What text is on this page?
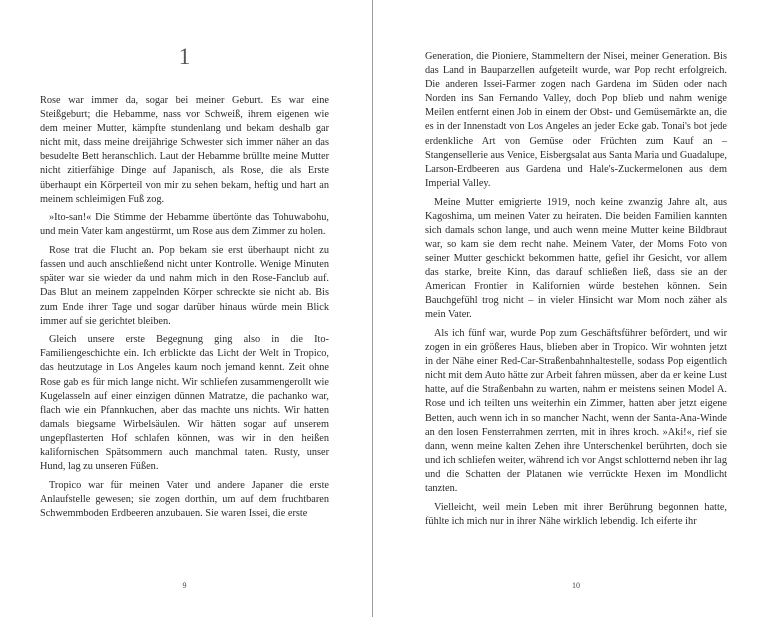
1

Rose war immer da, sogar bei meiner Geburt. Es war eine Steißgeburt; die Hebamme, nass vor Schweiß, ihrem eigenen wie dem meiner Mutter, kämpfte stundenlang und bekam deshalb gar nicht mit, dass meine dreijährige Schwester sich immer näher an das besudelte Bett heranschlich. Laut der Hebamme brüllte meine Mutter nicht zitierfähige Dinge auf Japanisch, als Rose, die als Erste überhaupt ein Körperteil von mir zu sehen bekam, heftig und hart an meinem schleimigen Fuß zog.

»Ito-san!« Die Stimme der Hebamme übertönte das Tohuwabohu, und mein Vater kam angestürmt, um Rose aus dem Zimmer zu holen.

Rose trat die Flucht an. Pop bekam sie erst überhaupt nicht zu fassen und auch anschließend nicht unter Kontrolle. Wenige Minuten später war sie wieder da und nahm mich in den Rose-Fanclub auf. Das Blut an meinem zappelnden Körper schreckte sie nicht ab. Bis zum Ende ihrer Tage und sogar darüber hinaus würde mein Blick immer auf sie gerichtet bleiben.

Gleich unsere erste Begegnung ging also in die Ito-Familiengeschichte ein. Ich erblickte das Licht der Welt in Tropico, das heutzutage in Los Angeles kaum noch jemand kennt. Zeit ohne Rose gab es für mich lange nicht. Wir schliefen zusammengerollt wie Kugelasseln auf einer einzigen dünnen Matratze, die pachanko war, flach wie ein Pfannkuchen, aber das machte uns nichts. Wir hatten damals biegsame Wirbelsäulen. Wir hätten sogar auf unserem ungepflasterten Hof schlafen können, was wir in den heißen kalifornischen Spätsommern auch manchmal taten. Rusty, unser Hund, lag zu unseren Füßen.

Tropico war für meinen Vater und andere Japaner die erste Anlaufstelle gewesen; sie zogen dorthin, um auf dem fruchtbaren Schwemmboden Erdbeeren anzubauen. Sie waren Issei, die erste

9

Generation, die Pioniere, Stammeltern der Nisei, meiner Generation. Bis das Land in Bauparzellen aufgeteilt wurde, war Pop recht erfolgreich. Die anderen Issei-Farmer zogen nach Gardena im Süden oder nach Norden ins San Fernando Valley, doch Pop blieb und nahm wenige Meilen entfernt einen Job in einem der Obst- und Gemüsemärkte an, die es in der Innenstadt von Los Angeles an jeder Ecke gab. Tonai's bot jede erdenkliche Art von Gemüse oder Früchten zum Kauf an – Stangensellerie aus Venice, Eisbergsalat aus Santa Maria und Guadalupe, Larson-Erdbeeren aus Gardena und Hale's-Zuckermelonen aus dem Imperial Valley.

Meine Mutter emigrierte 1919, noch keine zwanzig Jahre alt, aus Kagoshima, um meinen Vater zu heiraten. Die beiden Familien kannten sich damals schon lange, und auch wenn meine Mutter keine Bildbraut war, so kam sie dem recht nahe. Meinem Vater, der Moms Foto von seiner Mutter geschickt bekommen hatte, gefiel ihr Gesicht, vor allem das starke, breite Kinn, das darauf schließen ließ, dass sie an der American Frontier in Kalifornien würde bestehen können. Sein Bauchgefühl trog nicht – in vieler Hinsicht war Mom noch zäher als mein Vater.

Als ich fünf war, wurde Pop zum Geschäftsführer befördert, und wir zogen in ein größeres Haus, blieben aber in Tropico. Wir wohnten jetzt in der Nähe einer Red-Car-Straßenbahnhaltestelle, sodass Pop eigentlich nicht mit dem Auto hätte zur Arbeit fahren müssen, aber da er keine Lust hatte, auf die Straßenbahn zu warten, nahm er meistens seinen Model A. Rose und ich teilten uns weiterhin ein Zimmer, hatten aber jetzt eigene Betten, auch wenn ich in so mancher Nacht, wenn der Santa-Ana-Winde an den losen Fensterrahmen zerrten, mit in ihres kroch. »Aki!«, rief sie dann, wenn meine kalten Zehen ihre Unterschenkel berührten, doch sie und ich schliefen weiter, während ich vor Angst schlotternd neben ihr lag und die Schatten der Platanen wie verrückte Hexen im Mondlicht tanzten.

Vielleicht, weil mein Leben mit ihrer Berührung begonnen hatte, fühlte ich mich nur in ihrer Nähe wirklich lebendig. Ich eiferte ihr

10
